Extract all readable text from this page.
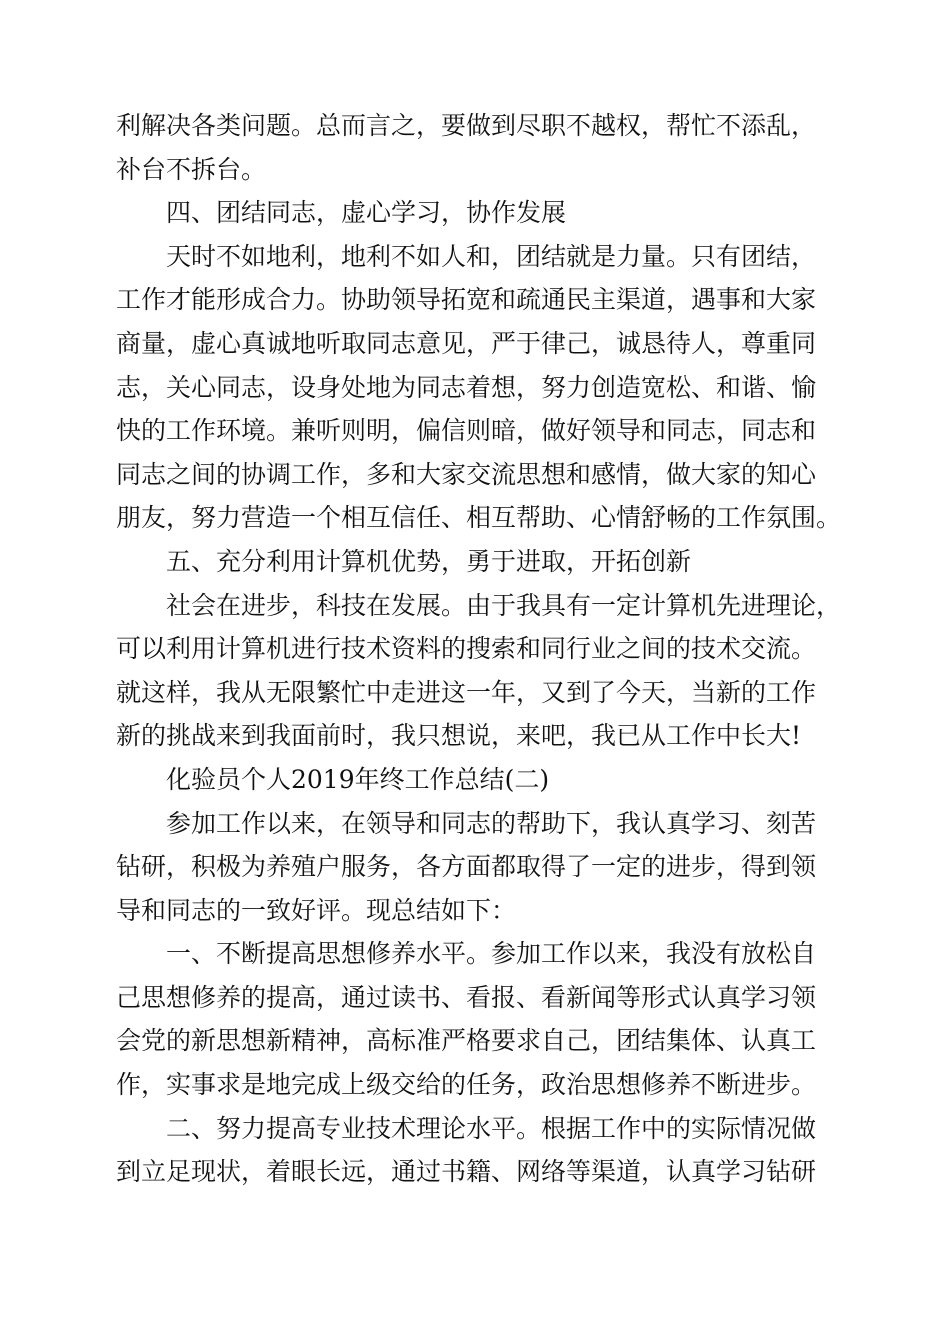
利解决各类问题。总而言之，要做到尽职不越权，帮忙不添乱，
补台不拆台。
四、团结同志，虚心学习，协作发展
天时不如地利，地利不如人和，团结就是力量。只有团结，
工作才能形成合力。协助领导拓宽和疏通民主渠道，遇事和大家
商量，虚心真诚地听取同志意见，严于律己，诚恳待人，尊重同
志，关心同志，设身处地为同志着想，努力创造宽松、和谐、愉
快的工作环境。兼听则明，偏信则暗，做好领导和同志，同志和
同志之间的协调工作，多和大家交流思想和感情，做大家的知心
朋友，努力营造一个相互信任、相互帮助、心情舒畅的工作氛围。
五、充分利用计算机优势，勇于进取，开拓创新
社会在进步，科技在发展。由于我具有一定计算机先进理论，
可以利用计算机进行技术资料的搜索和同行业之间的技术交流。
就这样，我从无限繁忙中走进这一年，又到了今天，当新的工作
新的挑战来到我面前时，我只想说，来吧，我已从工作中长大!
化验员个人2019年终工作总结(二)
参加工作以来，在领导和同志的帮助下，我认真学习、刻苦
钻研，积极为养殖户服务，各方面都取得了一定的进步，得到领
导和同志的一致好评。现总结如下：
一、不断提高思想修养水平。参加工作以来，我没有放松自
己思想修养的提高，通过读书、看报、看新闻等形式认真学习领
会党的新思想新精神，高标准严格要求自己，团结集体、认真工
作，实事求是地完成上级交给的任务，政治思想修养不断进步。
二、努力提高专业技术理论水平。根据工作中的实际情况做
到立足现状，着眼长远，通过书籍、网络等渠道，认真学习钻研
